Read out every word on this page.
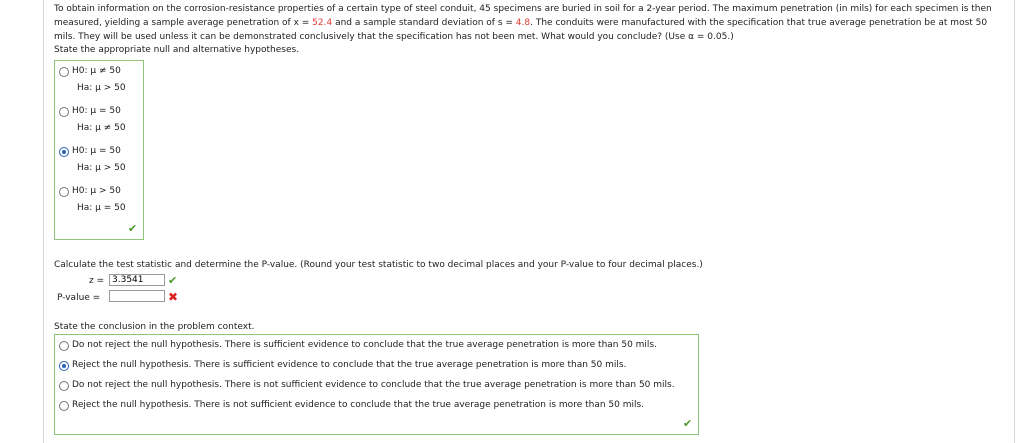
To obtain information on the corrosion-resistance properties of a certain type of steel conduit, 45 specimens are buried in soil for a 2-year period. The maximum penetration (in mils) for each specimen is then measured, yielding a sample average penetration of x = 52.4 and a sample standard deviation of s = 4.8. The conduits were manufactured with the specification that true average penetration be at most 50 mils. They will be used unless it can be demonstrated conclusively that the specification has not been met. What would you conclude? (Use α = 0.05.)
State the appropriate null and alternative hypotheses.
H0: μ ≠ 50
Ha: μ > 50
H0: μ = 50
Ha: μ ≠ 50
H0: μ = 50
Ha: μ > 50
H0: μ > 50
Ha: μ = 50
✔
Calculate the test statistic and determine the P-value. (Round your test statistic to two decimal places and your P-value to four decimal places.)
z =
3.3541	✔
P-value =	✖
State the conclusion in the problem context.
Do not reject the null hypothesis. There is sufficient evidence to conclude that the true average penetration is more than 50 mils.
Reject the null hypothesis. There is sufficient evidence to conclude that the true average penetration is more than 50 mils.
Do not reject the null hypothesis. There is not sufficient evidence to conclude that the true average penetration is more than 50 mils.
Reject the null hypothesis. There is not sufficient evidence to conclude that the true average penetration is more than 50 mils.
✔
